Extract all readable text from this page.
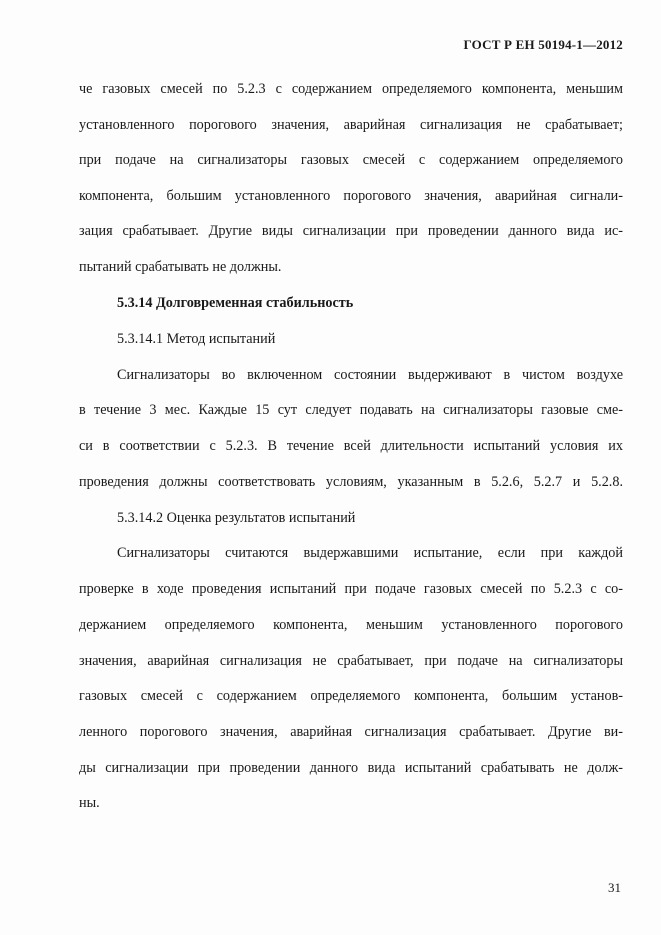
ГОСТ Р ЕН 50194-1—2012
че газовых смесей по 5.2.3 с содержанием определяемого компонента, меньшим
установленного порогового значения, аварийная сигнализация не срабатывает;
при подаче на сигнализаторы газовых смесей с содержанием определяемого
компонента, большим установленного порогового значения, аварийная сигнали-
зация срабатывает. Другие виды сигнализации при проведении данного вида ис-
пытаний срабатывать не должны.
5.3.14 Долговременная стабильность
5.3.14.1 Метод испытаний
Сигнализаторы во включенном состоянии выдерживают в чистом воздухе
в течение 3 мес. Каждые 15 сут следует подавать на сигнализаторы газовые сме-
си в соответствии с 5.2.3. В течение всей длительности испытаний условия их
проведения должны соответствовать условиям, указанным в 5.2.6, 5.2.7 и 5.2.8.
5.3.14.2 Оценка результатов испытаний
Сигнализаторы считаются выдержавшими испытание, если при каждой
проверке в ходе проведения испытаний при подаче газовых смесей по 5.2.3 с со-
держанием определяемого компонента, меньшим установленного порогового
значения, аварийная сигнализация не срабатывает, при подаче на сигнализаторы
газовых смесей с содержанием определяемого компонента, большим установ-
ленного порогового значения, аварийная сигнализация срабатывает. Другие ви-
ды сигнализации при проведении данного вида испытаний срабатывать не долж-
ны.
31
